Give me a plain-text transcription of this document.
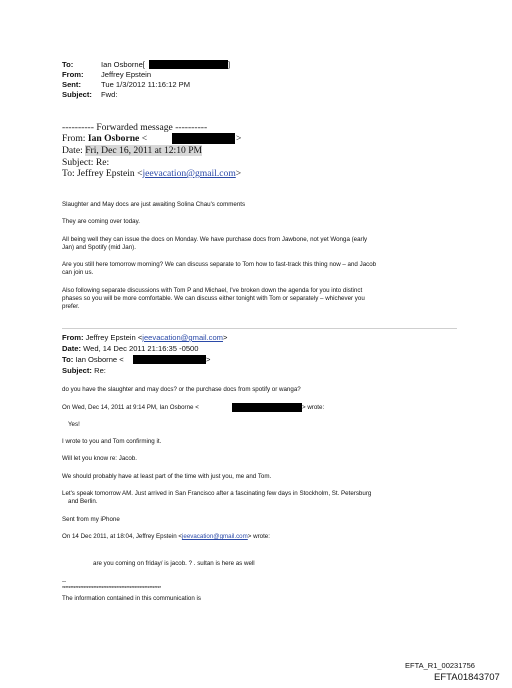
To:	Ian Osborne[	]
From: Jeffrey Epstein
Sent:	Tue 1/3/2012 11:16:12 PM
Subject: Fwd:
---------- Forwarded message ----------
From: Ian Osborne <	>
Date: Fri, Dec 16, 2011 at 12:10 PM
Subject: Re:
To: Jeffrey Epstein <jeevacation@gmail.com>
Slaughter and May docs are just awaiting Solina Chau's comments
They are coming over today.
All being well they can issue the docs on Monday. We have purchase docs from Jawbone, not yet Wonga (early
Jan) and Spotify (mid Jan).
Are you still here tomorrow morning? We can discuss separate to Tom how to fast-track this thing now – and Jacob
can join us.
Also following separate discussions with Tom P and Michael, I've broken down the agenda for you into distinct
phases so you will be more comfortable. We can discuss either tonight with Tom or separately – whichever you
prefer.
From: Jeffrey Epstein <jeevacation@gmail.com>
Date: Wed, 14 Dec 2011 21:16:35 -0500
To: Ian Osborne <	>
Subject: Re:
do you have the slaughter and may docs? or the purchase docs from spotify or wanga?
On Wed, Dec 14, 2011 at 9:14 PM, Ian Osborne <	> wrote:
Yes!
I wrote to you and Tom confirming it.
Will let you know re: Jacob.
We should probably have at least part of the time with just you, me and Tom.
Let's speak tomorrow AM. Just arrived in San Francisco after a fascinating few days in Stockholm, St. Petersburg
and Berlin.
Sent from my iPhone
On 14 Dec 2011, at 18:04, Jeffrey Epstein <jeevacation@gmail.com> wrote:
are you coming on friday/ is jacob. ? . sultan is here as well
--
************************************************************
The information contained in this communication is
EFTA_R1_00231756
EFTA01843707
